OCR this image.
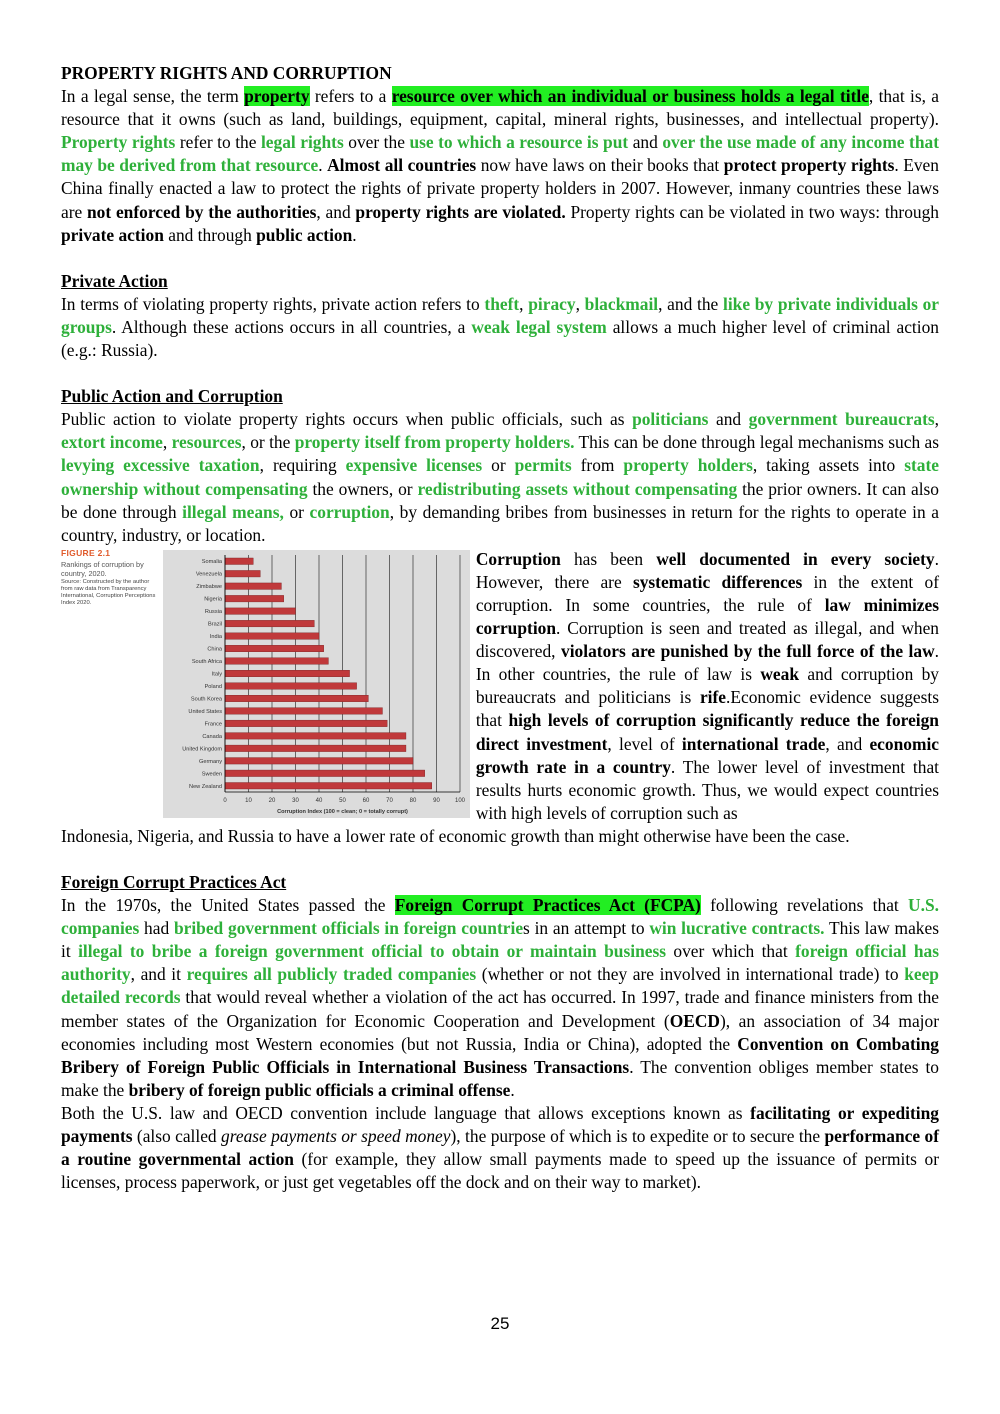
PROPERTY RIGHTS AND CORRUPTION

In a legal sense, the term property refers to a resource over which an individual or business holds a legal title, that is, a resource that it owns (such as land, buildings, equipment, capital, mineral rights, businesses, and intellectual property). Property rights refer to the legal rights over the use to which a resource is put and over the use made of any income that may be derived from that resource. Almost all countries now have laws on their books that protect property rights. Even China finally enacted a law to protect the rights of private property holders in 2007. However, inmany countries these laws are not enforced by the authorities, and property rights are violated. Property rights can be violated in two ways: through private action and through public action.

Private Action

In terms of violating property rights, private action refers to theft, piracy, blackmail, and the like by private individuals or groups. Although these actions occurs in all countries, a weak legal system allows a much higher level of criminal action (e.g.: Russia).

Public Action and Corruption

Public action to violate property rights occurs when public officials, such as politicians and government bureaucrats, extort income, resources, or the property itself from property holders. This can be done through legal mechanisms such as levying excessive taxation, requiring expensive licenses or permits from property holders, taking assets into state ownership without compensating the owners, or redistributing assets without compensating the prior owners. It can also be done through illegal means, or corruption, by demanding bribes from businesses in return for the rights to operate in a country, industry, or location.

FIGURE 2.1
Rankings of corruption by country, 2020.
Source: Constructed by the author from raw data from Transparency International, Corruption Perceptions Index 2020.
0	10	20	30	40	50	60	70	80	90	100
Somalia
Venezuela
Zimbabwe
Nigeria
Russia
Brazil
India
China
South Africa
Italy
Poland
South Korea
United States
France
Canada
United Kingdom
Germany
Sweden
New Zealand
Corruption Index (100 = clean; 0 = totally corrupt)

Corruption has been well documented in every society. However, there are systematic differences in the extent of corruption. In some countries, the rule of law minimizes corruption. Corruption is seen and treated as illegal, and when discovered, violators are punished by the full force of the law. In other countries, the rule of law is weak and corruption by bureaucrats and politicians is rife.Economic evidence suggests that high levels of corruption significantly reduce the foreign direct investment, level of international trade, and economic growth rate in a country. The lower level of investment that results hurts economic growth. Thus, we would expect countries with high levels of corruption such as

Indonesia, Nigeria, and Russia to have a lower rate of economic growth than might otherwise have been the case.

Foreign Corrupt Practices Act

In the 1970s, the United States passed the Foreign Corrupt Practices Act (FCPA) following revelations that U.S. companies had bribed government officials in foreign countries in an attempt to win lucrative contracts. This law makes it illegal to bribe a foreign government official to obtain or maintain business over which that foreign official has authority, and it requires all publicly traded companies (whether or not they are involved in international trade) to keep detailed records that would reveal whether a violation of the act has occurred. In 1997, trade and finance ministers from the member states of the Organization for Economic Cooperation and Development (OECD), an association of 34 major economies including most Western economies (but not Russia, India or China), adopted the Convention on Combating Bribery of Foreign Public Officials in International Business Transactions. The convention obliges member states to make the bribery of foreign public officials a criminal offense.

Both the U.S. law and OECD convention include language that allows exceptions known as facilitating or expediting payments (also called grease payments or speed money), the purpose of which is to expedite or to secure the performance of a routine governmental action (for example, they allow small payments made to speed up the issuance of permits or licenses, process paperwork, or just get vegetables off the dock and on their way to market).

25
